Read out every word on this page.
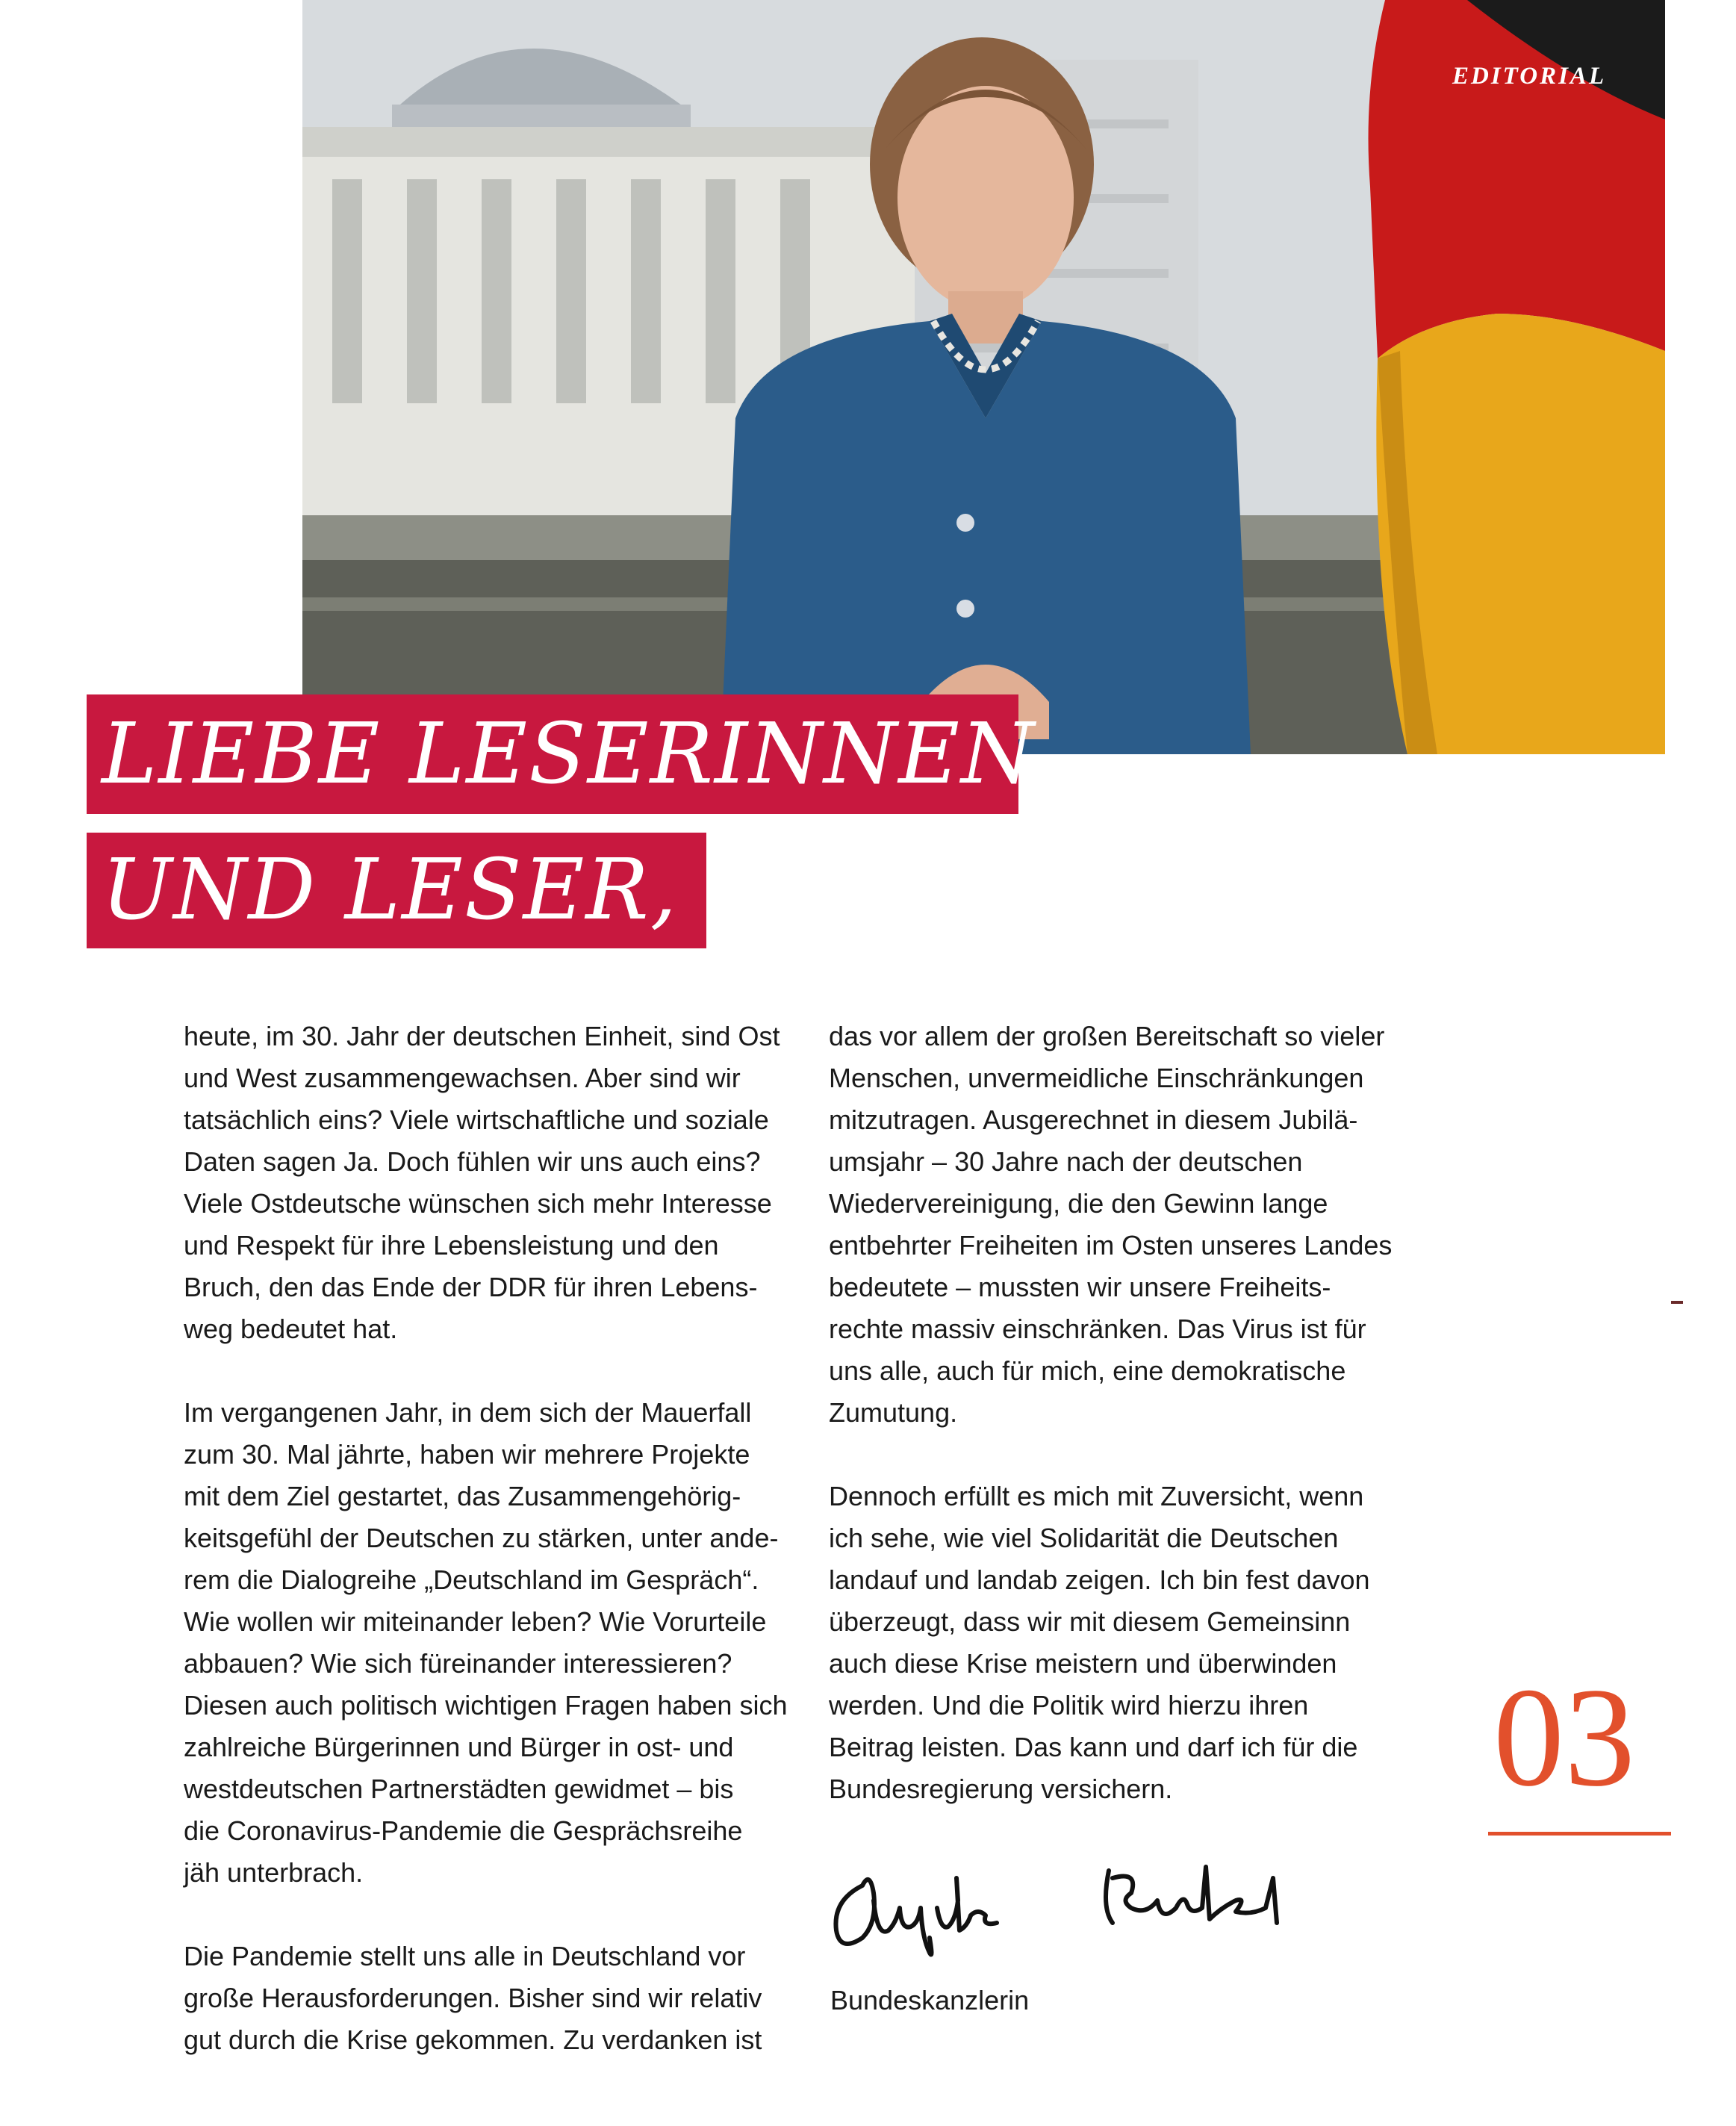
EDITORIAL
LIEBE LESERINNEN
UND LESER,
heute, im 30. Jahr der deutschen Einheit, sind Ost
und West zusammengewachsen. Aber sind wir
tatsächlich eins? Viele wirtschaftliche und soziale
Daten sagen Ja. Doch fühlen wir uns auch eins?
Viele Ostdeutsche wünschen sich mehr Interesse
und Respekt für ihre Lebensleistung und den
Bruch, den das Ende der DDR für ihren Lebens-
weg bedeutet hat.
Im vergangenen Jahr, in dem sich der Mauerfall
zum 30. Mal jährte, haben wir mehrere Projekte
mit dem Ziel gestartet, das Zusammengehörig-
keitsgefühl der Deutschen zu stärken, unter ande-
rem die Dialogreihe „Deutschland im Gespräch“.
Wie wollen wir miteinander leben? Wie Vorurteile
abbauen? Wie sich füreinander interessieren?
Diesen auch politisch wichtigen Fragen haben sich
zahlreiche Bürgerinnen und Bürger in ost- und
westdeutschen Partnerstädten gewidmet – bis
die Coronavirus-Pandemie die Gesprächsreihe
jäh unterbrach.
Die Pandemie stellt uns alle in Deutschland vor
große Herausforderungen. Bisher sind wir relativ
gut durch die Krise gekommen. Zu verdanken ist
das vor allem der großen Bereitschaft so vieler
Menschen, unvermeidliche Einschränkungen
mitzutragen. Ausgerechnet in diesem Jubilä-
umsjahr – 30 Jahre nach der deutschen
Wiedervereinigung, die den Gewinn lange
entbehrter Freiheiten im Osten unseres Landes
bedeutete – mussten wir unsere Freiheits-
rechte massiv einschränken. Das Virus ist für
uns alle, auch für mich, eine demokratische
Zumutung.
Dennoch erfüllt es mich mit Zuversicht, wenn
ich sehe, wie viel Solidarität die Deutschen
landauf und landab zeigen. Ich bin fest davon
überzeugt, dass wir mit diesem Gemeinsinn
auch diese Krise meistern und überwinden
werden. Und die Politik wird hierzu ihren
Beitrag leisten. Das kann und darf ich für die
Bundesregierung versichern.
Bundeskanzlerin
03
